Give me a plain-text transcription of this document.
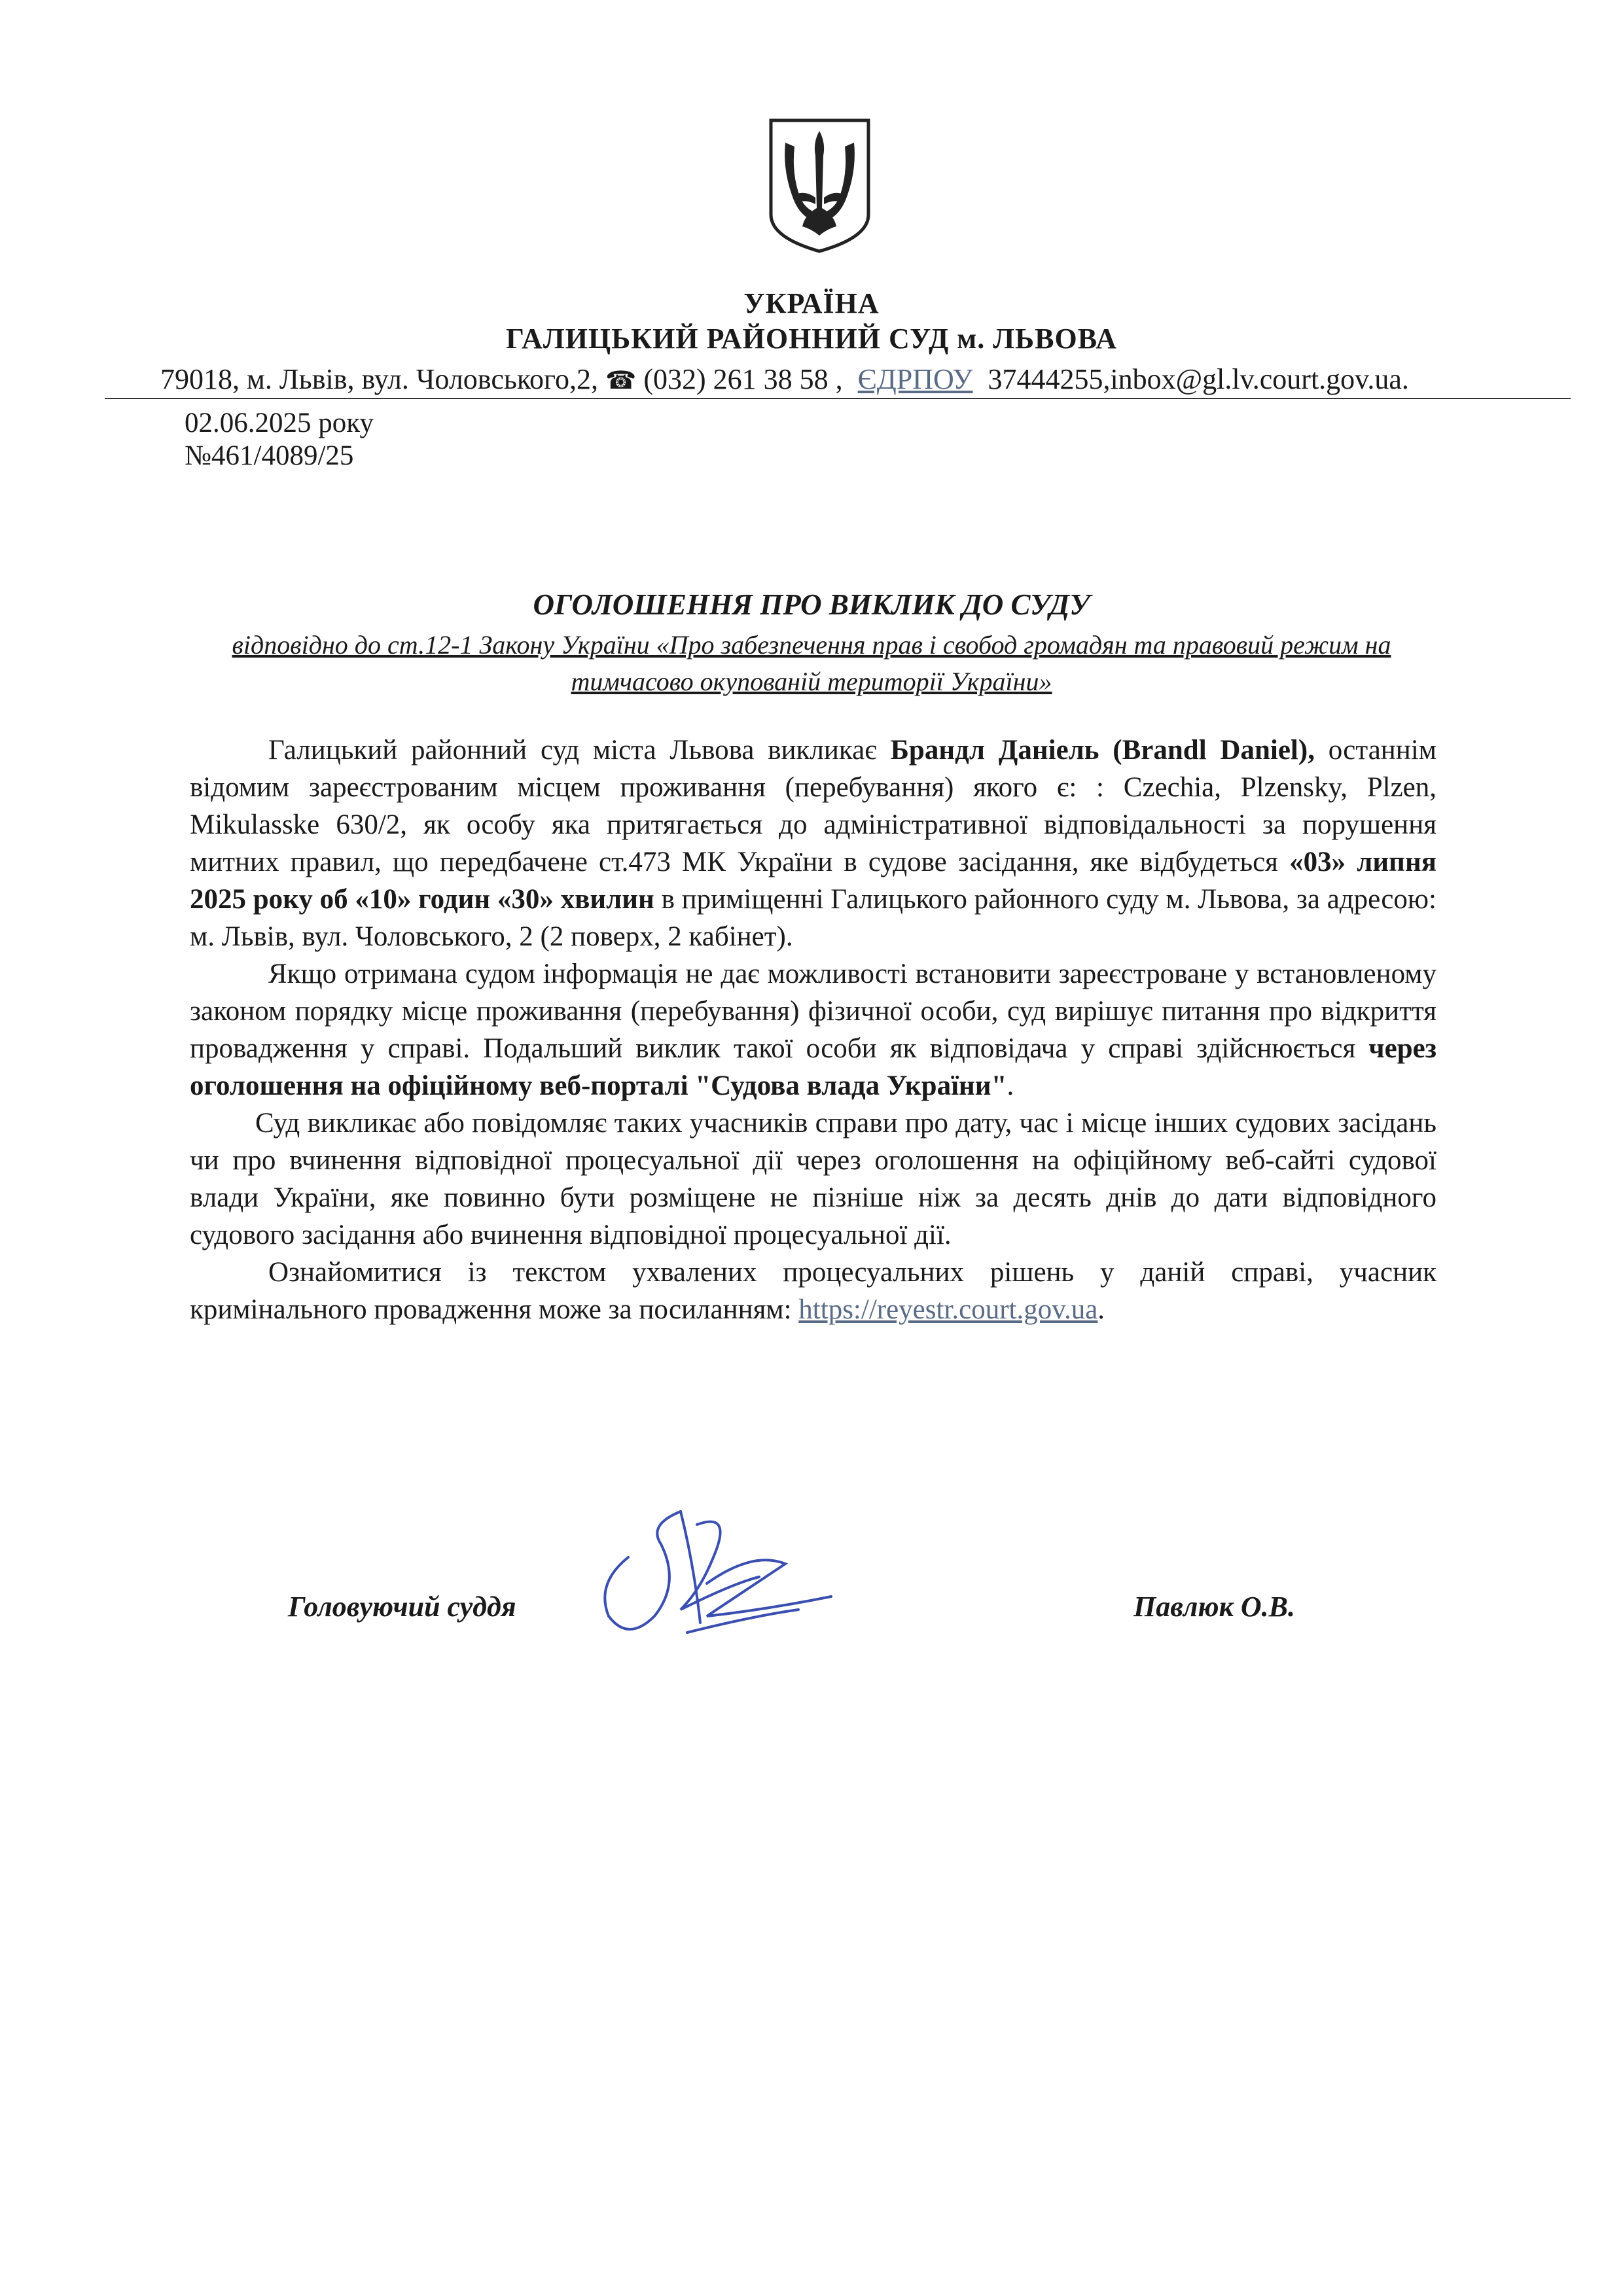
УКРАЇНА
ГАЛИЦЬКИЙ РАЙОННИЙ СУД м. ЛЬВОВА
79018, м. Львів, вул. Чоловського,2, ☎ (032) 261 38 58 , ЄДРПОУ 37444255,inbox@gl.lv.court.gov.ua.
02.06.2025 року
№461/4089/25
ОГОЛОШЕННЯ ПРО ВИКЛИК ДО СУДУ
відповідно до ст.12-1 Закону України «Про забезпечення прав і свобод громадян та правовий режим на тимчасово окупованій території України»

Галицький районний суд міста Львова викликає Брандл Даніель (Brandl Daniel), останнім відомим зареєстрованим місцем проживання (перебування) якого є: : Czechia, Plzensky, Plzen, Mikulasske 630/2, як особу яка притягається до адміністративної відповідальності за порушення митних правил, що передбачене ст.473 МК України в судове засідання, яке відбудеться «03» липня 2025 року об «10» годин «30» хвилин в приміщенні Галицького районного суду м. Львова, за адресою: м. Львів, вул. Чоловського, 2 (2 поверх, 2 кабінет).

Якщо отримана судом інформація не дає можливості встановити зареєстроване у встановленому законом порядку місце проживання (перебування) фізичної особи, суд вирішує питання про відкриття провадження у справі. Подальший виклик такої особи як відповідача у справі здійснюється через оголошення на офіційному веб-порталі "Судова влада України".

Суд викликає або повідомляє таких учасників справи про дату, час і місце інших судових засідань чи про вчинення відповідної процесуальної дії через оголошення на офіційному веб-сайті судової влади України, яке повинно бути розміщене не пізніше ніж за десять днів до дати відповідного судового засідання або вчинення відповідної процесуальної дії.

Ознайомитися із текстом ухвалених процесуальних рішень у даній справі, учасник кримінального провадження може за посиланням: https://reyestr.court.gov.ua.

Головуючий суддя	Павлюк О.В.
